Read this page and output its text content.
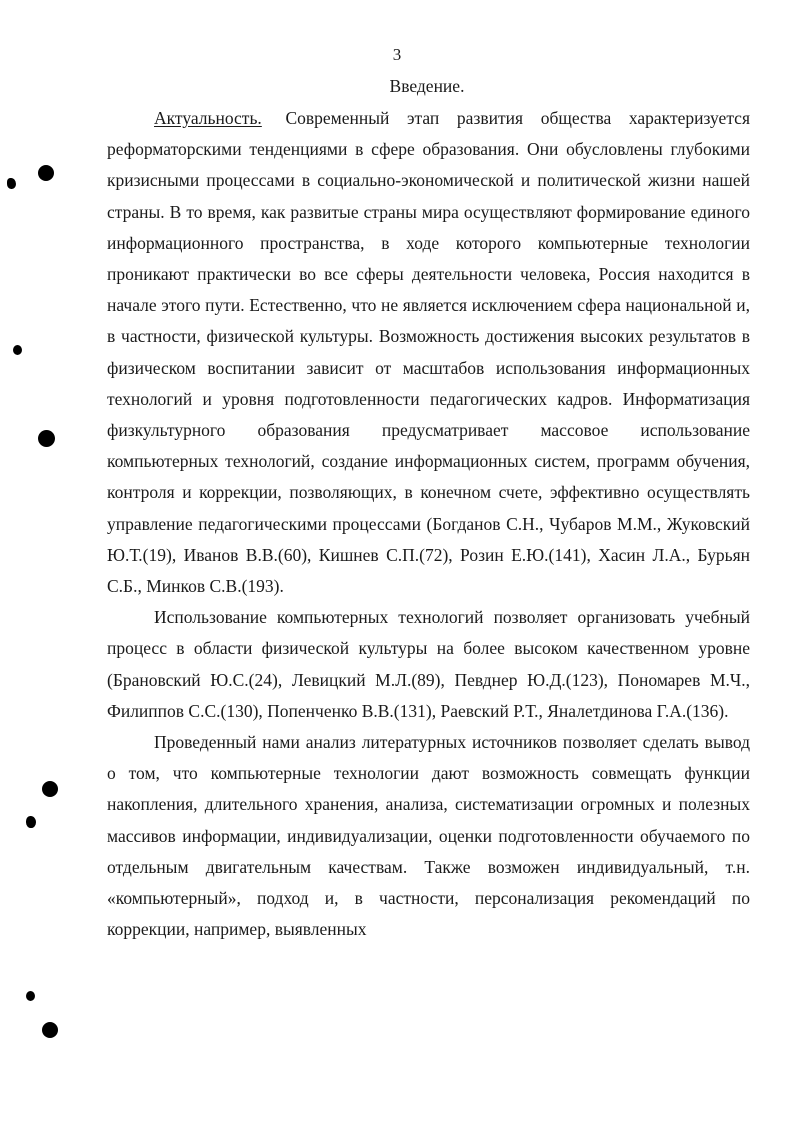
3
Введение.

Актуальность. Современный этап развития общества характеризуется реформаторскими тенденциями в сфере образования. Они обусловлены глубокими кризисными процессами в социально-экономической и политической жизни нашей страны. В то время, как развитые страны мира осуществляют формирование единого информационного пространства, в ходе которого компьютерные технологии проникают практически во все сферы деятельности человека, Россия находится в начале этого пути. Естественно, что не является исключением сфера национальной и, в частности, физической культуры. Возможность достижения высоких результатов в физическом воспитании зависит от масштабов использования информационных технологий и уровня подготовленности педагогических кадров. Информатизация физкультурного образования предусматривает массовое использование компьютерных технологий, создание информационных систем, программ обучения, контроля и коррекции, позволяющих, в конечном счете, эффективно осуществлять управление педагогическими процессами (Богданов С.Н., Чубаров М.М., Жуковский Ю.Т.(19), Иванов В.В.(60), Кишнев С.П.(72), Розин Е.Ю.(141), Хасин Л.А., Бурьян С.Б., Минков С.В.(193).

Использование компьютерных технологий позволяет организовать учебный процесс в области физической культуры на более высоком качественном уровне (Брановский Ю.С.(24), Левицкий М.Л.(89), Певднер Ю.Д.(123), Пономарев М.Ч., Филиппов С.С.(130), Попенченко В.В.(131), Раевский Р.Т., Яналетдинова Г.А.(136).

Проведенный нами анализ литературных источников позволяет сделать вывод о том, что компьютерные технологии дают возможность совмещать функции накопления, длительного хранения, анализа, систематизации огромных и полезных массивов информации, индивидуализации, оценки подготовленности обучаемого по отдельным двигательным качествам. Также возможен индивидуальный, т.н. «компьютерный», подход и, в частности, персонализация рекомендаций по коррекции, например, выявленных
